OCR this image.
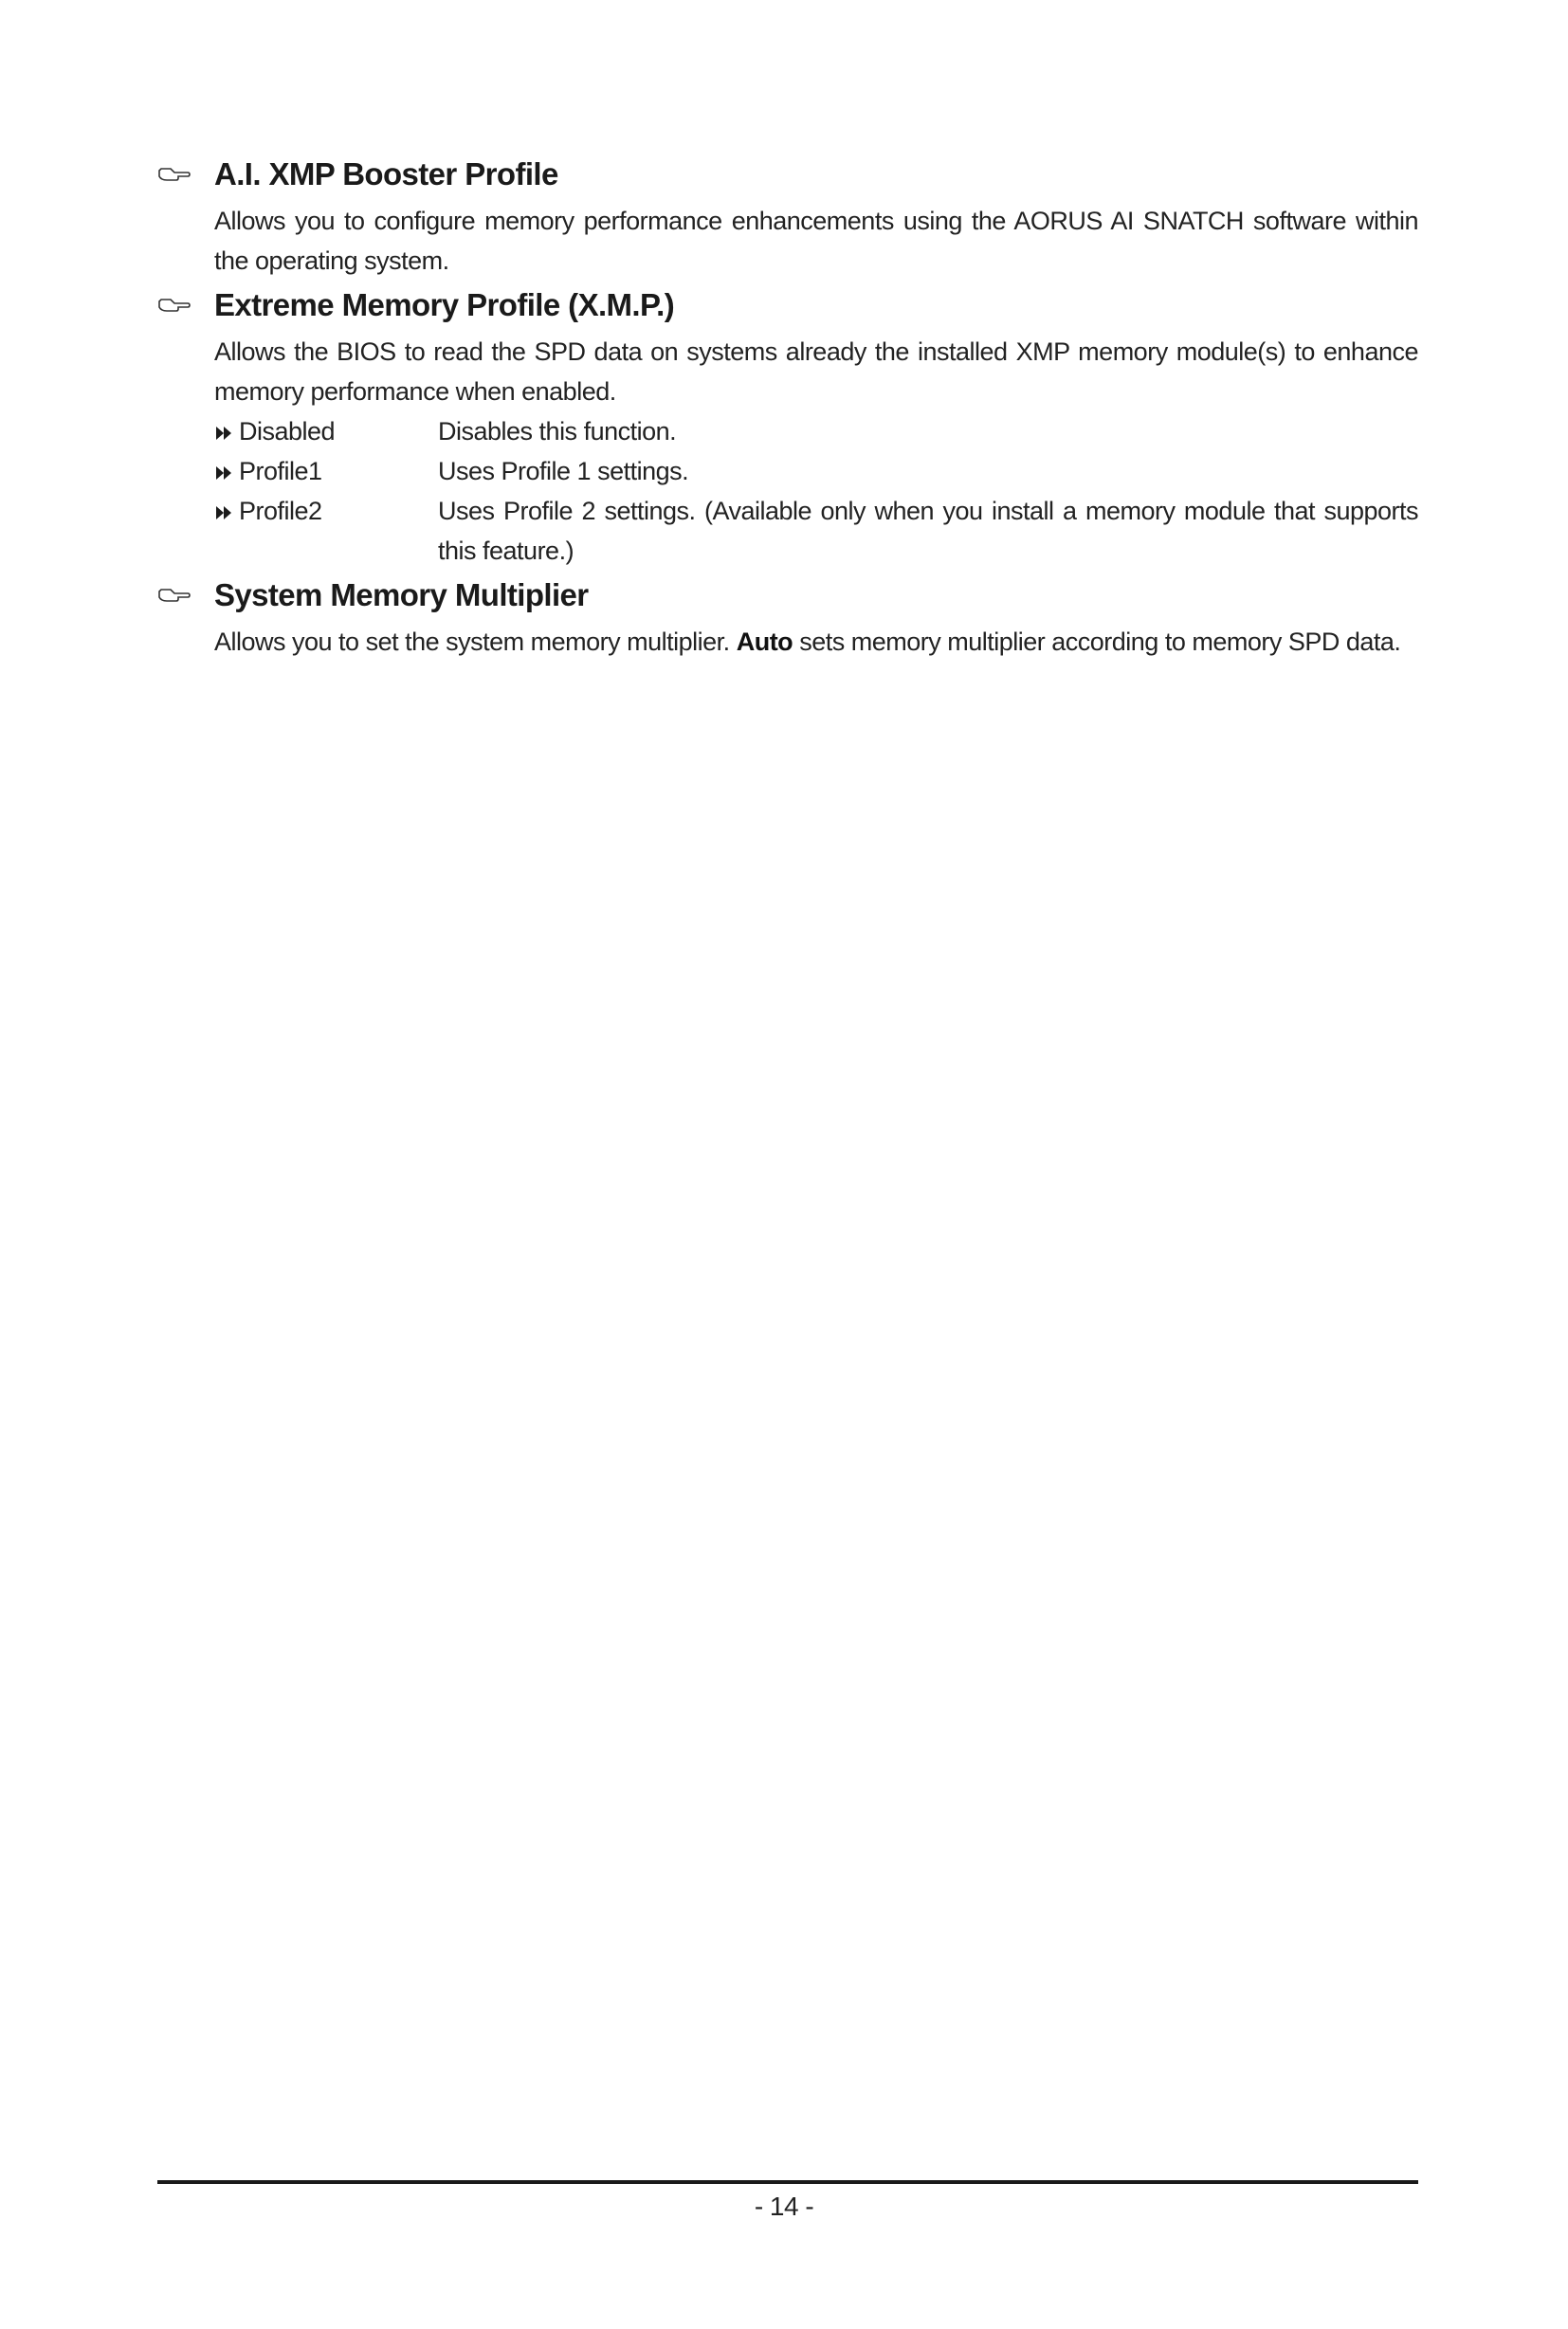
A.I. XMP Booster Profile
Allows you to configure memory performance enhancements using the AORUS AI SNATCH software within the operating system.
Extreme Memory Profile (X.M.P.)
Allows the BIOS to read the SPD data on systems already the installed XMP memory module(s) to enhance memory performance when enabled.
Disabled	Disables this function.
Profile1	Uses Profile 1 settings.
Profile2	Uses Profile 2 settings. (Available only when you install a memory module that supports this feature.)
System Memory Multiplier
Allows you to set the system memory multiplier. Auto sets memory multiplier according to memory SPD data.
- 14 -
